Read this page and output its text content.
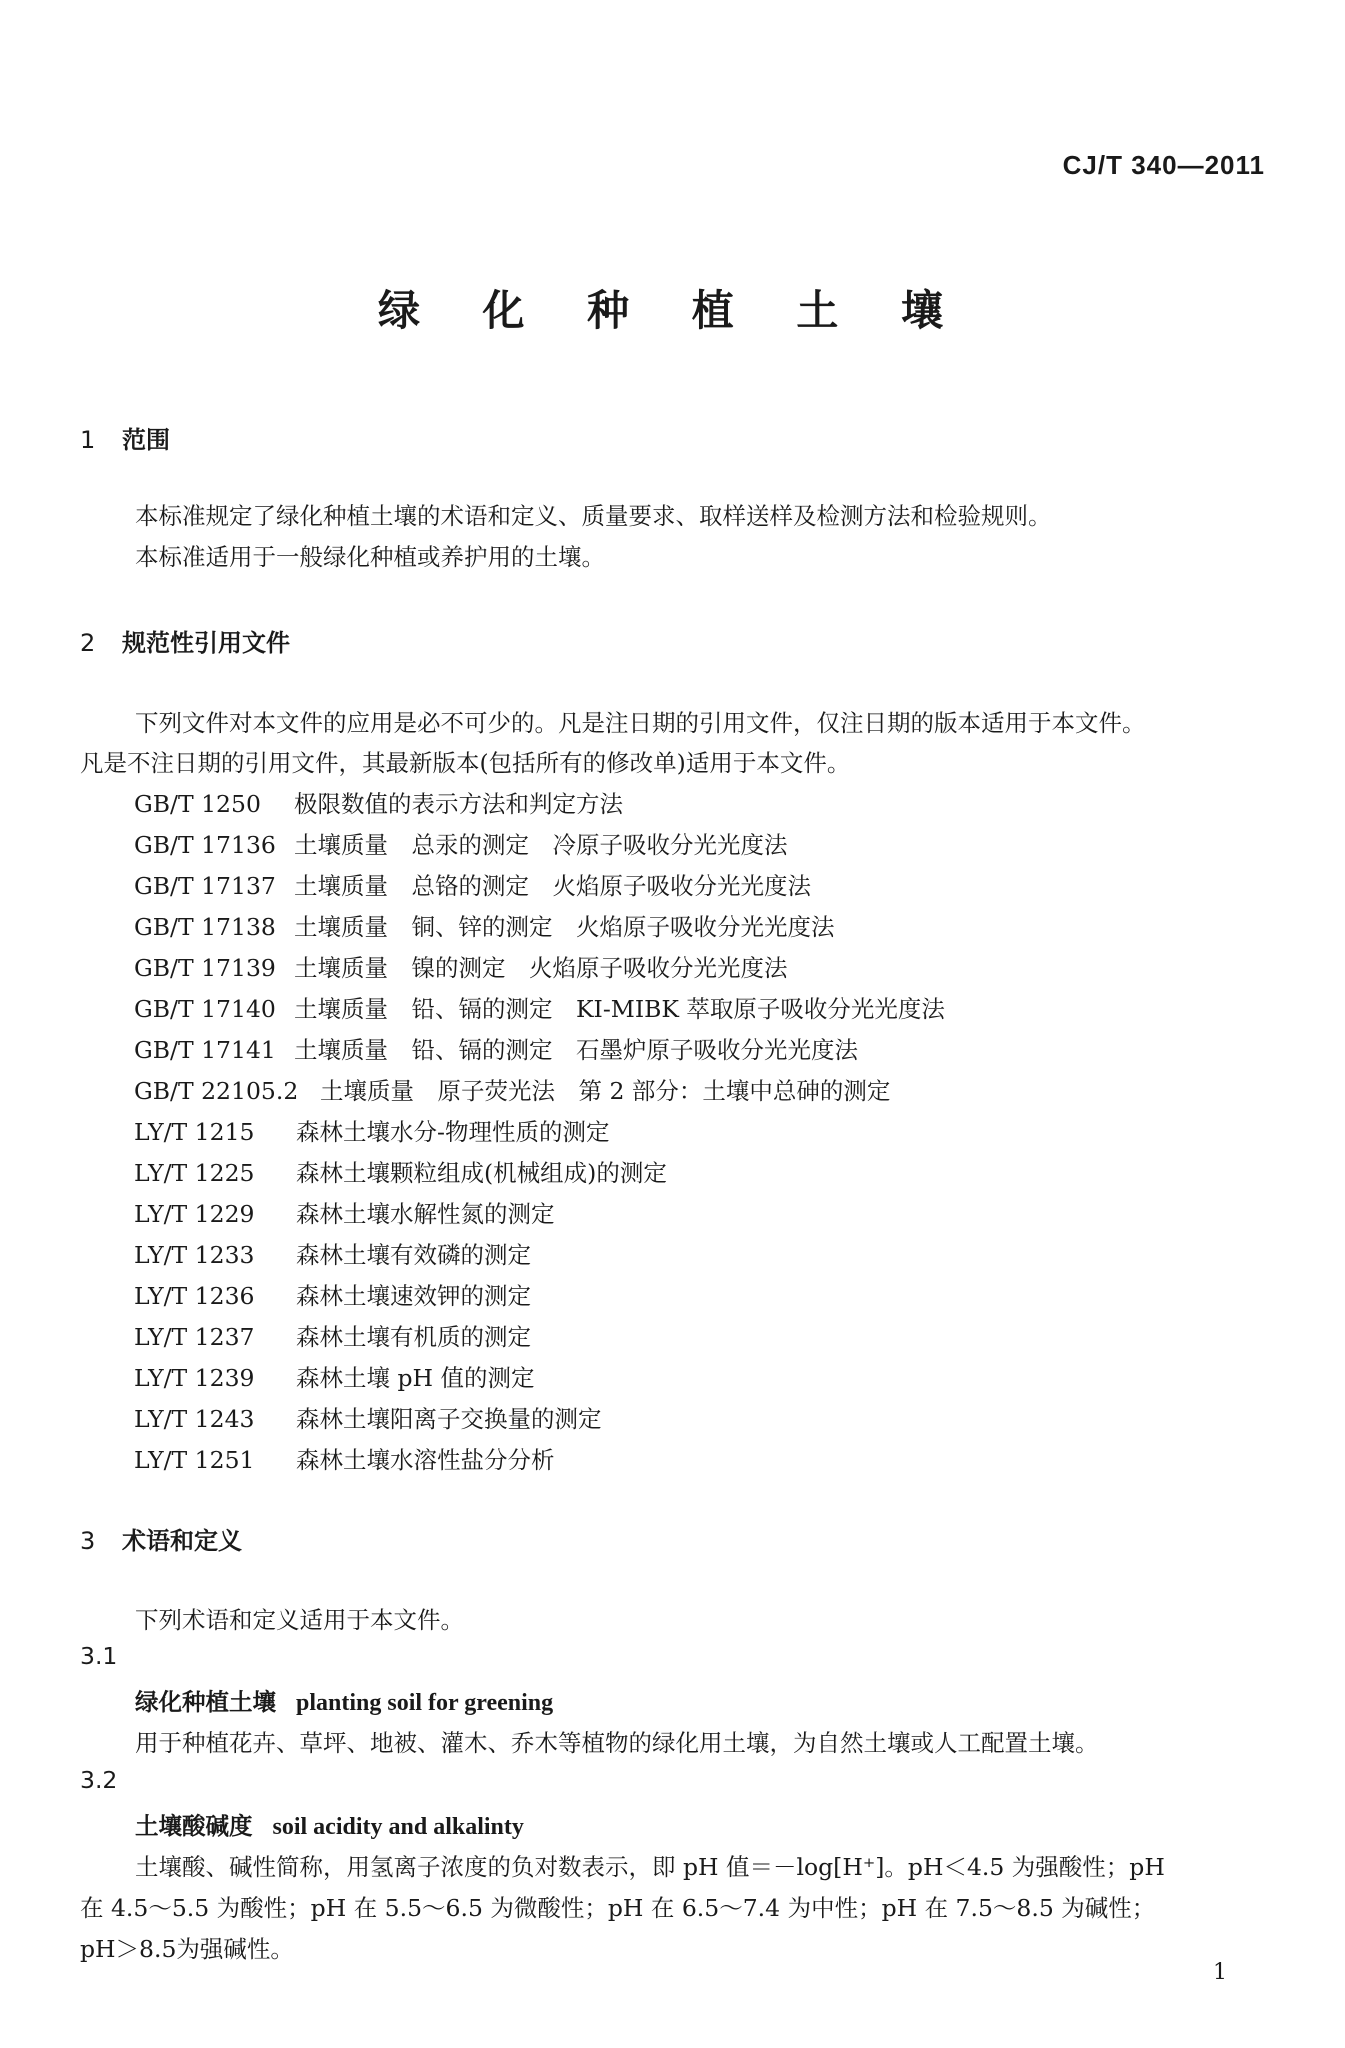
CJ/T 340—2011
绿 化 种 植 土 壤
1 范围
本标准规定了绿化种植土壤的术语和定义、质量要求、取样送样及检测方法和检验规则。
本标准适用于一般绿化种植或养护用的土壤。
2 规范性引用文件
下列文件对本文件的应用是必不可少的。凡是注日期的引用文件，仅注日期的版本适用于本文件。
凡是不注日期的引用文件，其最新版本(包括所有的修改单)适用于本文件。
GB/T 1250 极限数值的表示方法和判定方法
GB/T 17136 土壤质量　总汞的测定　冷原子吸收分光光度法
GB/T 17137 土壤质量　总铬的测定　火焰原子吸收分光光度法
GB/T 17138 土壤质量　铜、锌的测定　火焰原子吸收分光光度法
GB/T 17139 土壤质量　镍的测定　火焰原子吸收分光光度法
GB/T 17140 土壤质量　铅、镉的测定　KI-MIBK 萃取原子吸收分光光度法
GB/T 17141 土壤质量　铅、镉的测定　石墨炉原子吸收分光光度法
GB/T 22105.2 土壤质量　原子荧光法　第 2 部分：土壤中总砷的测定
LY/T 1215 森林土壤水分-物理性质的测定
LY/T 1225 森林土壤颗粒组成(机械组成)的测定
LY/T 1229 森林土壤水解性氮的测定
LY/T 1233 森林土壤有效磷的测定
LY/T 1236 森林土壤速效钾的测定
LY/T 1237 森林土壤有机质的测定
LY/T 1239 森林土壤 pH 值的测定
LY/T 1243 森林土壤阳离子交换量的测定
LY/T 1251 森林土壤水溶性盐分分析
3 术语和定义
下列术语和定义适用于本文件。
3.1
绿化种植土壤 planting soil for greening
用于种植花卉、草坪、地被、灌木、乔木等植物的绿化用土壤，为自然土壤或人工配置土壤。
3.2
土壤酸碱度 soil acidity and alkalinty
土壤酸、碱性简称，用氢离子浓度的负对数表示，即 pH 值＝－log[H⁺]。pH＜4.5 为强酸性；pH
在 4.5～5.5 为酸性；pH 在 5.5～6.5 为微酸性；pH 在 6.5～7.4 为中性；pH 在 7.5～8.5 为碱性；
pH＞8.5为强碱性。
1
